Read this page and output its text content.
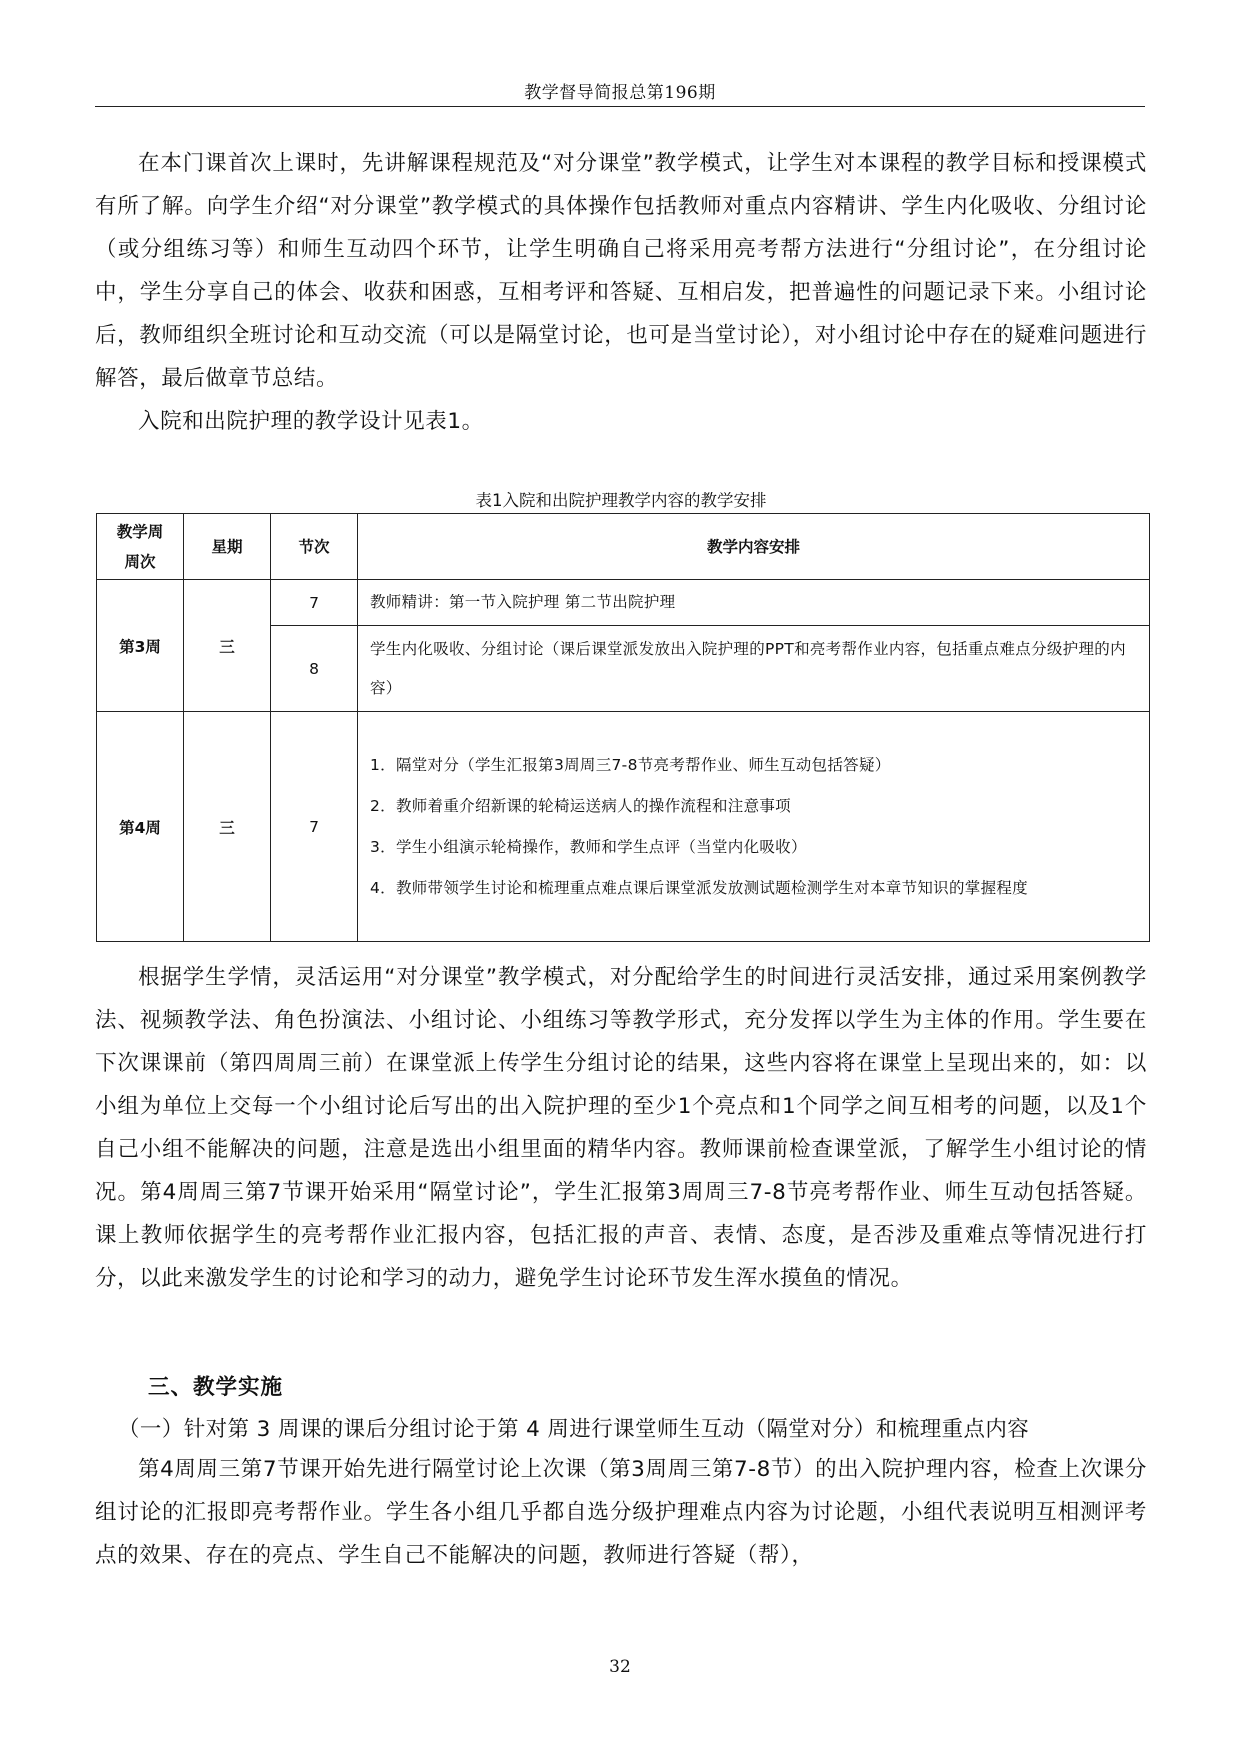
教学督导简报总第196期

在本门课首次上课时，先讲解课程规范及“对分课堂”教学模式，让学生对本课程的教学目标和授课模式有所了解。向学生介绍“对分课堂”教学模式的具体操作包括教师对重点内容精讲、学生内化吸收、分组讨论（或分组练习等）和师生互动四个环节，让学生明确自己将采用亮考帮方法进行“分组讨论”，在分组讨论中，学生分享自己的体会、收获和困惑，互相考评和答疑、互相启发，把普遍性的问题记录下来。小组讨论后，教师组织全班讨论和互动交流（可以是隔堂讨论，也可是当堂讨论），对小组讨论中存在的疑难问题进行解答，最后做章节总结。

入院和出院护理的教学设计见表1。

表1入院和出院护理教学内容的教学安排
教学周周次	星期	节次	教学内容安排
第3周	三	7	教师精讲：第一节入院护理 第二节出院护理
		8	学生内化吸收、分组讨论（课后课堂派发放出入院护理的PPT和亮考帮作业内容，包括重点难点分级护理的内容）
第4周	三	7	1．隔堂对分（学生汇报第3周周三7-8节亮考帮作业、师生互动包括答疑）
2．教师着重介绍新课的轮椅运送病人的操作流程和注意事项
3．学生小组演示轮椅操作，教师和学生点评（当堂内化吸收）
4．教师带领学生讨论和梳理重点难点课后课堂派发放测试题检测学生对本章节知识的掌握程度

根据学生学情，灵活运用“对分课堂”教学模式，对分配给学生的时间进行灵活安排，通过采用案例教学法、视频教学法、角色扮演法、小组讨论、小组练习等教学形式，充分发挥以学生为主体的作用。学生要在下次课课前（第四周周三前）在课堂派上传学生分组讨论的结果，这些内容将在课堂上呈现出来的，如：以小组为单位上交每一个小组讨论后写出的出入院护理的至少1个亮点和1个同学之间互相考的问题，以及1个自己小组不能解决的问题，注意是选出小组里面的精华内容。教师课前检查课堂派，了解学生小组讨论的情况。第4周周三第7节课开始采用“隔堂讨论”，学生汇报第3周周三7-8节亮考帮作业、师生互动包括答疑。课上教师依据学生的亮考帮作业汇报内容，包括汇报的声音、表情、态度，是否涉及重难点等情况进行打分，以此来激发学生的讨论和学习的动力，避免学生讨论环节发生浑水摸鱼的情况。

三、教学实施
（一）针对第 3 周课的课后分组讨论于第 4 周进行课堂师生互动（隔堂对分）和梳理重点内容

第4周周三第7节课开始先进行隔堂讨论上次课（第3周周三第7-8节）的出入院护理内容，检查上次课分组讨论的汇报即亮考帮作业。学生各小组几乎都自选分级护理难点内容为讨论题，小组代表说明互相测评考点的效果、存在的亮点、学生自己不能解决的问题，教师进行答疑（帮），

32
